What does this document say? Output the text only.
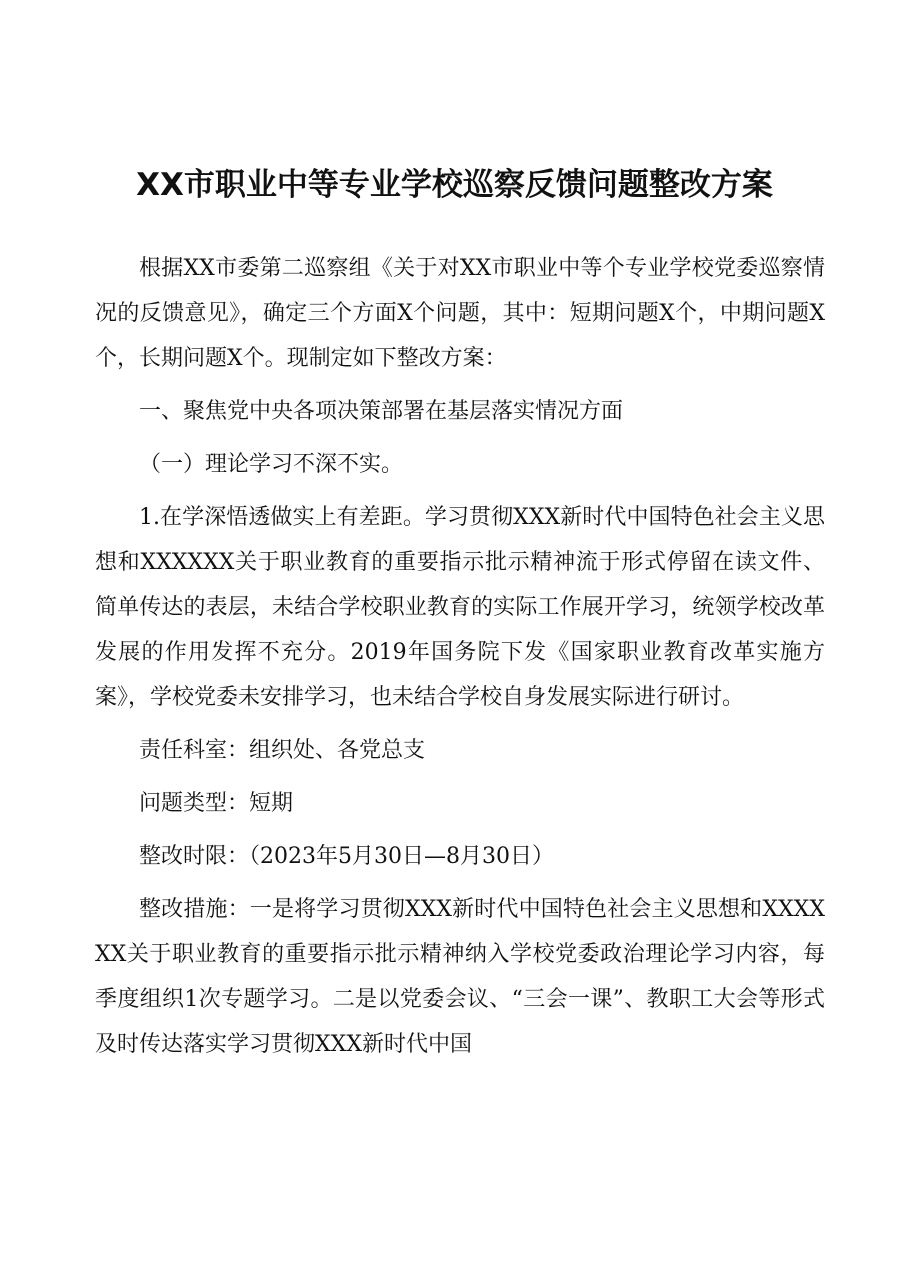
XX市职业中等专业学校巡察反馈问题整改方案

根据XX市委第二巡察组《关于对XX市职业中等个专业学校党委巡察情况的反馈意见》，确定三个方面X个问题，其中：短期问题X个，中期问题X个，长期问题X个。现制定如下整改方案：

一、聚焦党中央各项决策部署在基层落实情况方面

（一）理论学习不深不实。

1.在学深悟透做实上有差距。学习贯彻XXX新时代中国特色社会主义思想和XXXXXX关于职业教育的重要指示批示精神流于形式停留在读文件、简单传达的表层，未结合学校职业教育的实际工作展开学习，统领学校改革发展的作用发挥不充分。2019年国务院下发《国家职业教育改革实施方案》，学校党委未安排学习，也未结合学校自身发展实际进行研讨。

责任科室：组织处、各党总支

问题类型：短期

整改时限：（2023年5月30日—8月30日）

整改措施：一是将学习贯彻XXX新时代中国特色社会主义思想和XXXXXX关于职业教育的重要指示批示精神纳入学校党委政治理论学习内容，每季度组织1次专题学习。二是以党委会议、“三会一课”、教职工大会等形式及时传达落实学习贯彻XXX新时代中国
